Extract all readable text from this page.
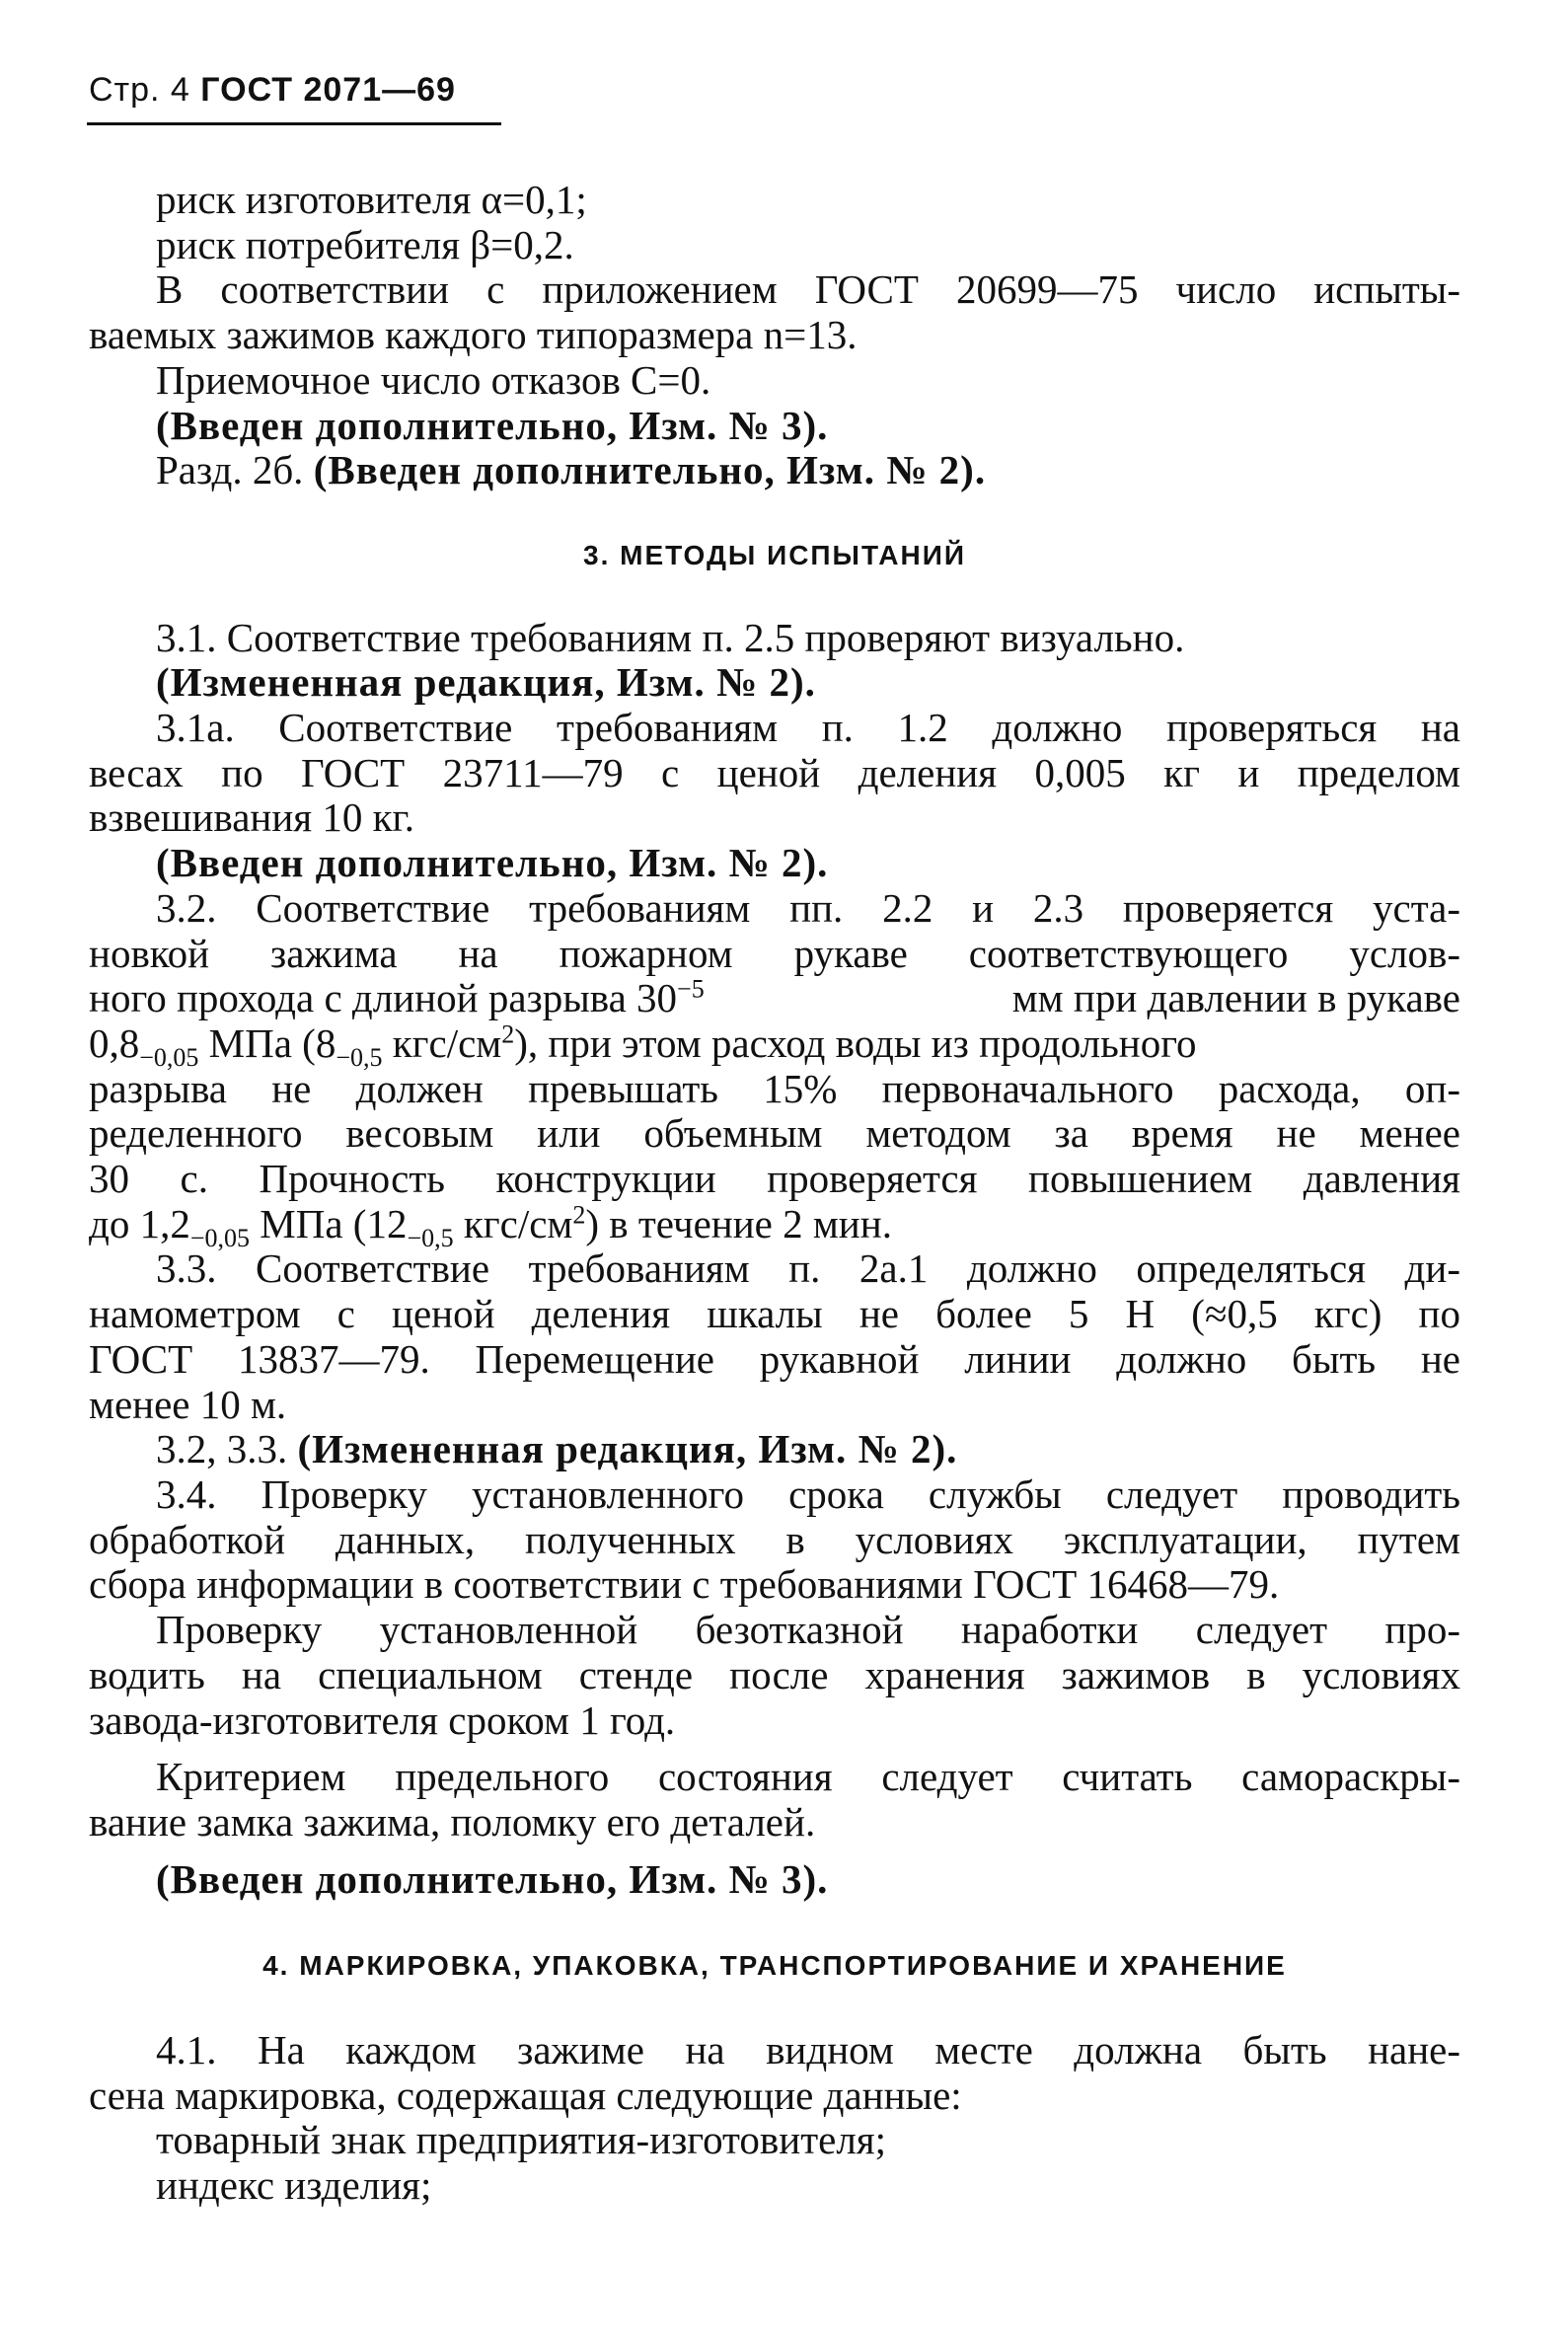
Стр. 4 ГОСТ 2071—69
риск изготовителя α=0,1;
риск потребителя β=0,2.
В соответствии с приложением ГОСТ 20699—75 число испыты-
ваемых зажимов каждого типоразмера n=13.
Приемочное число отказов С=0.
(Введен дополнительно, Изм. № 3).
Разд. 2б. (Введен дополнительно, Изм. № 2).
3. МЕТОДЫ ИСПЫТАНИЙ
3.1. Соответствие требованиям п. 2.5 проверяют визуально.
(Измененная редакция, Изм. № 2).
3.1а. Соответствие требованиям п. 1.2 должно проверяться на
весах по ГОСТ 23711—79 с ценой деления 0,005 кг и пределом
взвешивания 10 кг.
(Введен дополнительно, Изм. № 2).
3.2. Соответствие требованиям пп. 2.2 и 2.3 проверяется уста-
новкой зажима на пожарном рукаве соответствующего услов-
ного прохода с длиной разрыва $30^{-5}$	мм при давлении в рукаве
$0,8_{-0,05}$ МПа ($8_{-0,5}$ кгс/$см^2$), при этом расход воды из продольного
разрыва не должен превышать 15% первоначального расхода, оп-
ределенного весовым или объемным методом за время не менее
30 с. Прочность конструкции проверяется повышением давления
до $1,2_{-0,05}$ МПа ($12_{-0,5}$ кгс/$см^2$) в течение 2 мин.
3.3. Соответствие требованиям п. 2а.1 должно определяться ди-
намометром с ценой деления шкалы не более 5 Н (≈0,5 кгс) по
ГОСТ 13837—79. Перемещение рукавной линии должно быть не
менее 10 м.
3.2, 3.3. (Измененная редакция, Изм. № 2).
3.4. Проверку установленного срока службы следует проводить
обработкой данных, полученных в условиях эксплуатации, путем
сбора информации в соответствии с требованиями ГОСТ 16468—79.
Проверку установленной безотказной наработки следует про-
водить на специальном стенде после хранения зажимов в условиях
завода-изготовителя сроком 1 год.
Критерием предельного состояния следует считать самораскры-
вание замка зажима, поломку его деталей.
(Введен дополнительно, Изм. № 3).
4. МАРКИРОВКА, УПАКОВКА, ТРАНСПОРТИРОВАНИЕ И ХРАНЕНИЕ
4.1. На каждом зажиме на видном месте должна быть нане-
сена маркировка, содержащая следующие данные:
товарный знак предприятия-изготовителя;
индекс изделия;
